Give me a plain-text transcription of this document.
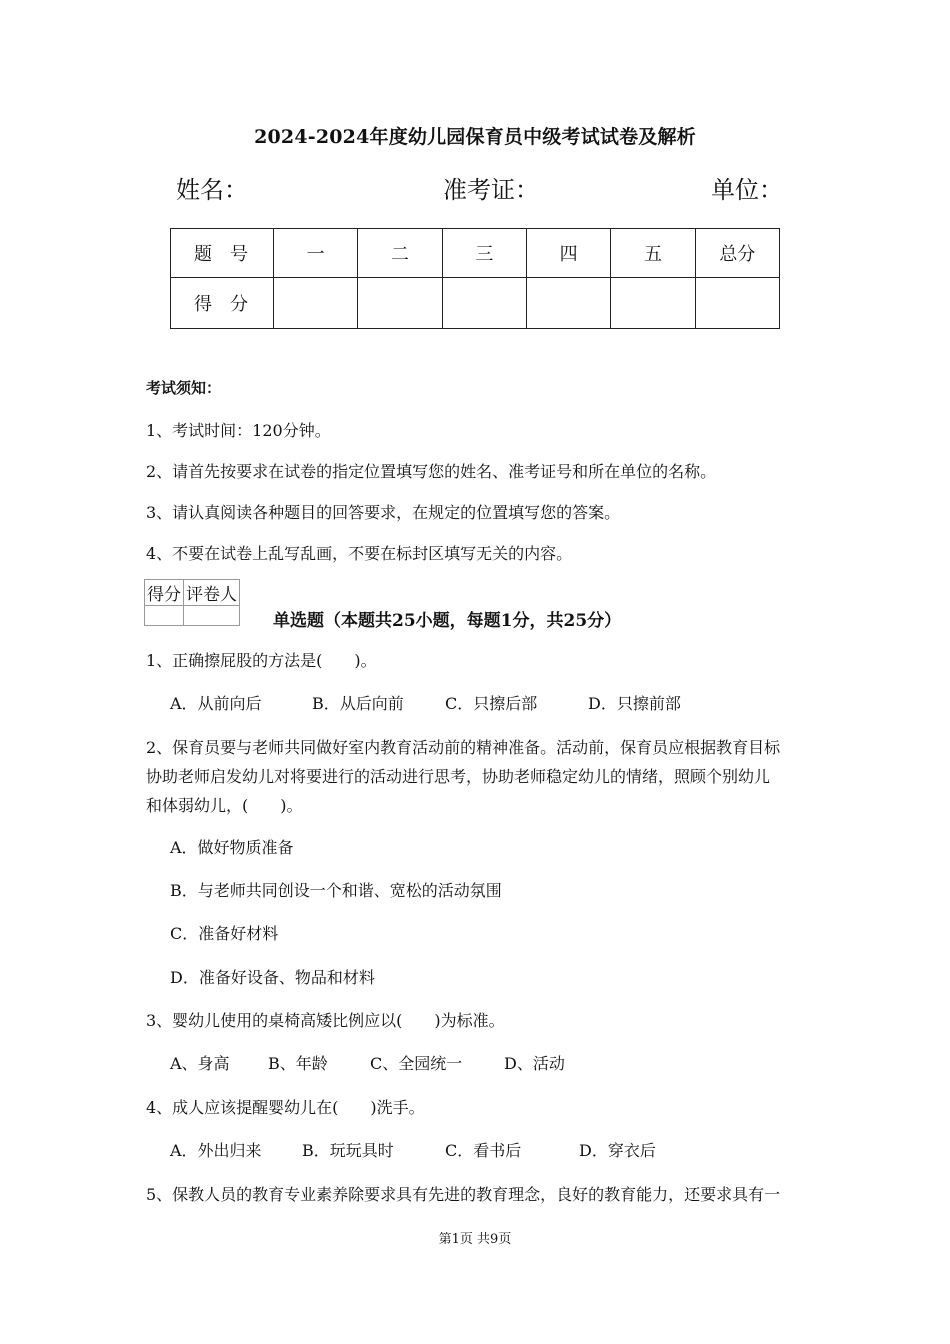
2024-2024年度幼儿园保育员中级考试试卷及解析
姓名：	准考证：	单位：
题号	一	二	三	四	五	总分
得分						
考试须知：
1、考试时间：120分钟。
2、请首先按要求在试卷的指定位置填写您的姓名、准考证号和所在单位的名称。
3、请认真阅读各种题目的回答要求，在规定的位置填写您的答案。
4、不要在试卷上乱写乱画，不要在标封区填写无关的内容。
得分	评卷人

单选题（本题共25小题，每题1分，共25分）
1、正确擦屁股的方法是(　　)。
A．从前向后	B．从后向前	C．只擦后部	D．只擦前部
2、保育员要与老师共同做好室内教育活动前的精神准备。活动前，保育员应根据教育目标
协助老师启发幼儿对将要进行的活动进行思考，协助老师稳定幼儿的情绪，照顾个别幼儿
和体弱幼儿，(　　)。
A．做好物质准备
B．与老师共同创设一个和谐、宽松的活动氛围
C．准备好材料
D．准备好设备、物品和材料
3、婴幼儿使用的桌椅高矮比例应以(　　)为标准。
A、身高 B、年龄	C、全园统一	D、活动
4、成人应该提醒婴幼儿在(　　)洗手。
A．外出归来	B．玩玩具时	C．看书后	D．穿衣后
5、保教人员的教育专业素养除要求具有先进的教育理念，良好的教育能力，还要求具有一
第1页 共9页
